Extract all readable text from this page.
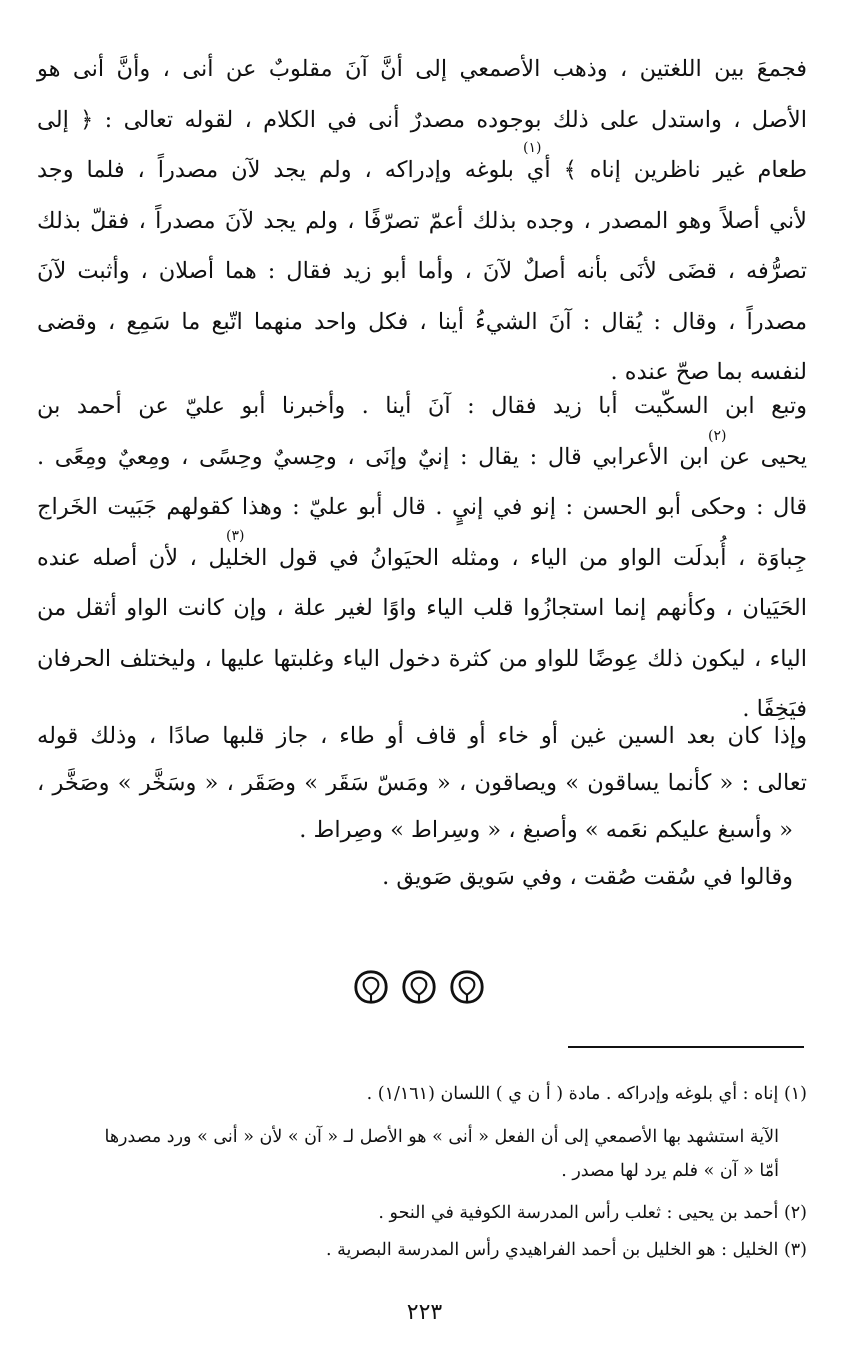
فجمعَ بين اللغتين ، وذهب الأصمعي إلى أنَّ آنَ مقلوبٌ عن أنى ، وأنَّ أنى هو
الأصل ، واستدل على ذلك بوجوده مصدرٌ أنى في الكلام ، لقوله تعالى : ﴿ إلى
طعام غير ناظرين إناه ﴾ أي بلوغه وإدراكه ، ولم يجد لآن مصدراً ، فلما وجد
لأني أصلاً وهو المصدر ، وجده بذلك أعمّ تصرّفًا ، ولم يجد لآنَ مصدراً ، فقلّ بذلك
تصرُّفه ، قضَى لأنَى بأنه أصلٌ لآنَ ، وأما أبو زيد فقال : هما أصلان ، وأثبت لآنَ
مصدراً ، وقال : يُقال : آنَ الشيءُ أينا ، فكل واحد منهما اتّبع ما سَمِع ، وقضى
لنفسه بما صحّ عنده .
(١)
وتبع ابن السكّيت أبا زيد فقال : آنَ أينا . وأخبرنا أبو عليّ عن أحمد بن
يحيى عن ابن الأعرابي قال : يقال : إنيٌ وإنَى ، وحِسيٌ وحِسًى ، ومِعيٌ ومِعًى .
قال : وحكى أبو الحسن : إنو في إنيٍ . قال أبو عليّ : وهذا كقولهم جَبَيت الخَراج
جِباوَة ، أُبدلَت الواو من الياء ، ومثله الحيَوانُ في قول الخليل ، لأن أصله عنده
الحَيَيان ، وكأنهم إنما استجازُوا قلب الياء واوًا لغير علة ، وإن كانت الواو أثقل من
الياء ، ليكون ذلك عِوضًا للواو من كثرة دخول الياء وغلبتها عليها ، وليختلف الحرفان
فيَخِفًا .
(٢)
(٣)
وإذا كان بعد السين غين أو خاء أو قاف أو طاء ، جاز قلبها صادًا ، وذلك قوله
تعالى : « كأنما يساقون » ويصاقون ، « ومَسّ سَقَر » وصَقَر ، « وسَخَّر » وصَخَّر ،
« وأسبغ عليكم نعَمه » وأصبغ ، « وسِراط » وصِراط .
وقالوا في سُقت صُقت ، وفي سَويق صَويق .
(١) إناه : أي بلوغه وإدراكه . مادة ( أ ن ي ) اللسان (١/١٦١) .
الآية استشهد بها الأصمعي إلى أن الفعل « أنى » هو الأصل لـ « آن » لأن « أنى » ورد مصدرها
أمّا « آن » فلم يرد لها مصدر .
(٢) أحمد بن يحيى : ثعلب رأس المدرسة الكوفية في النحو .
(٣) الخليل : هو الخليل بن أحمد الفراهيدي رأس المدرسة البصرية .
٢٢٣
